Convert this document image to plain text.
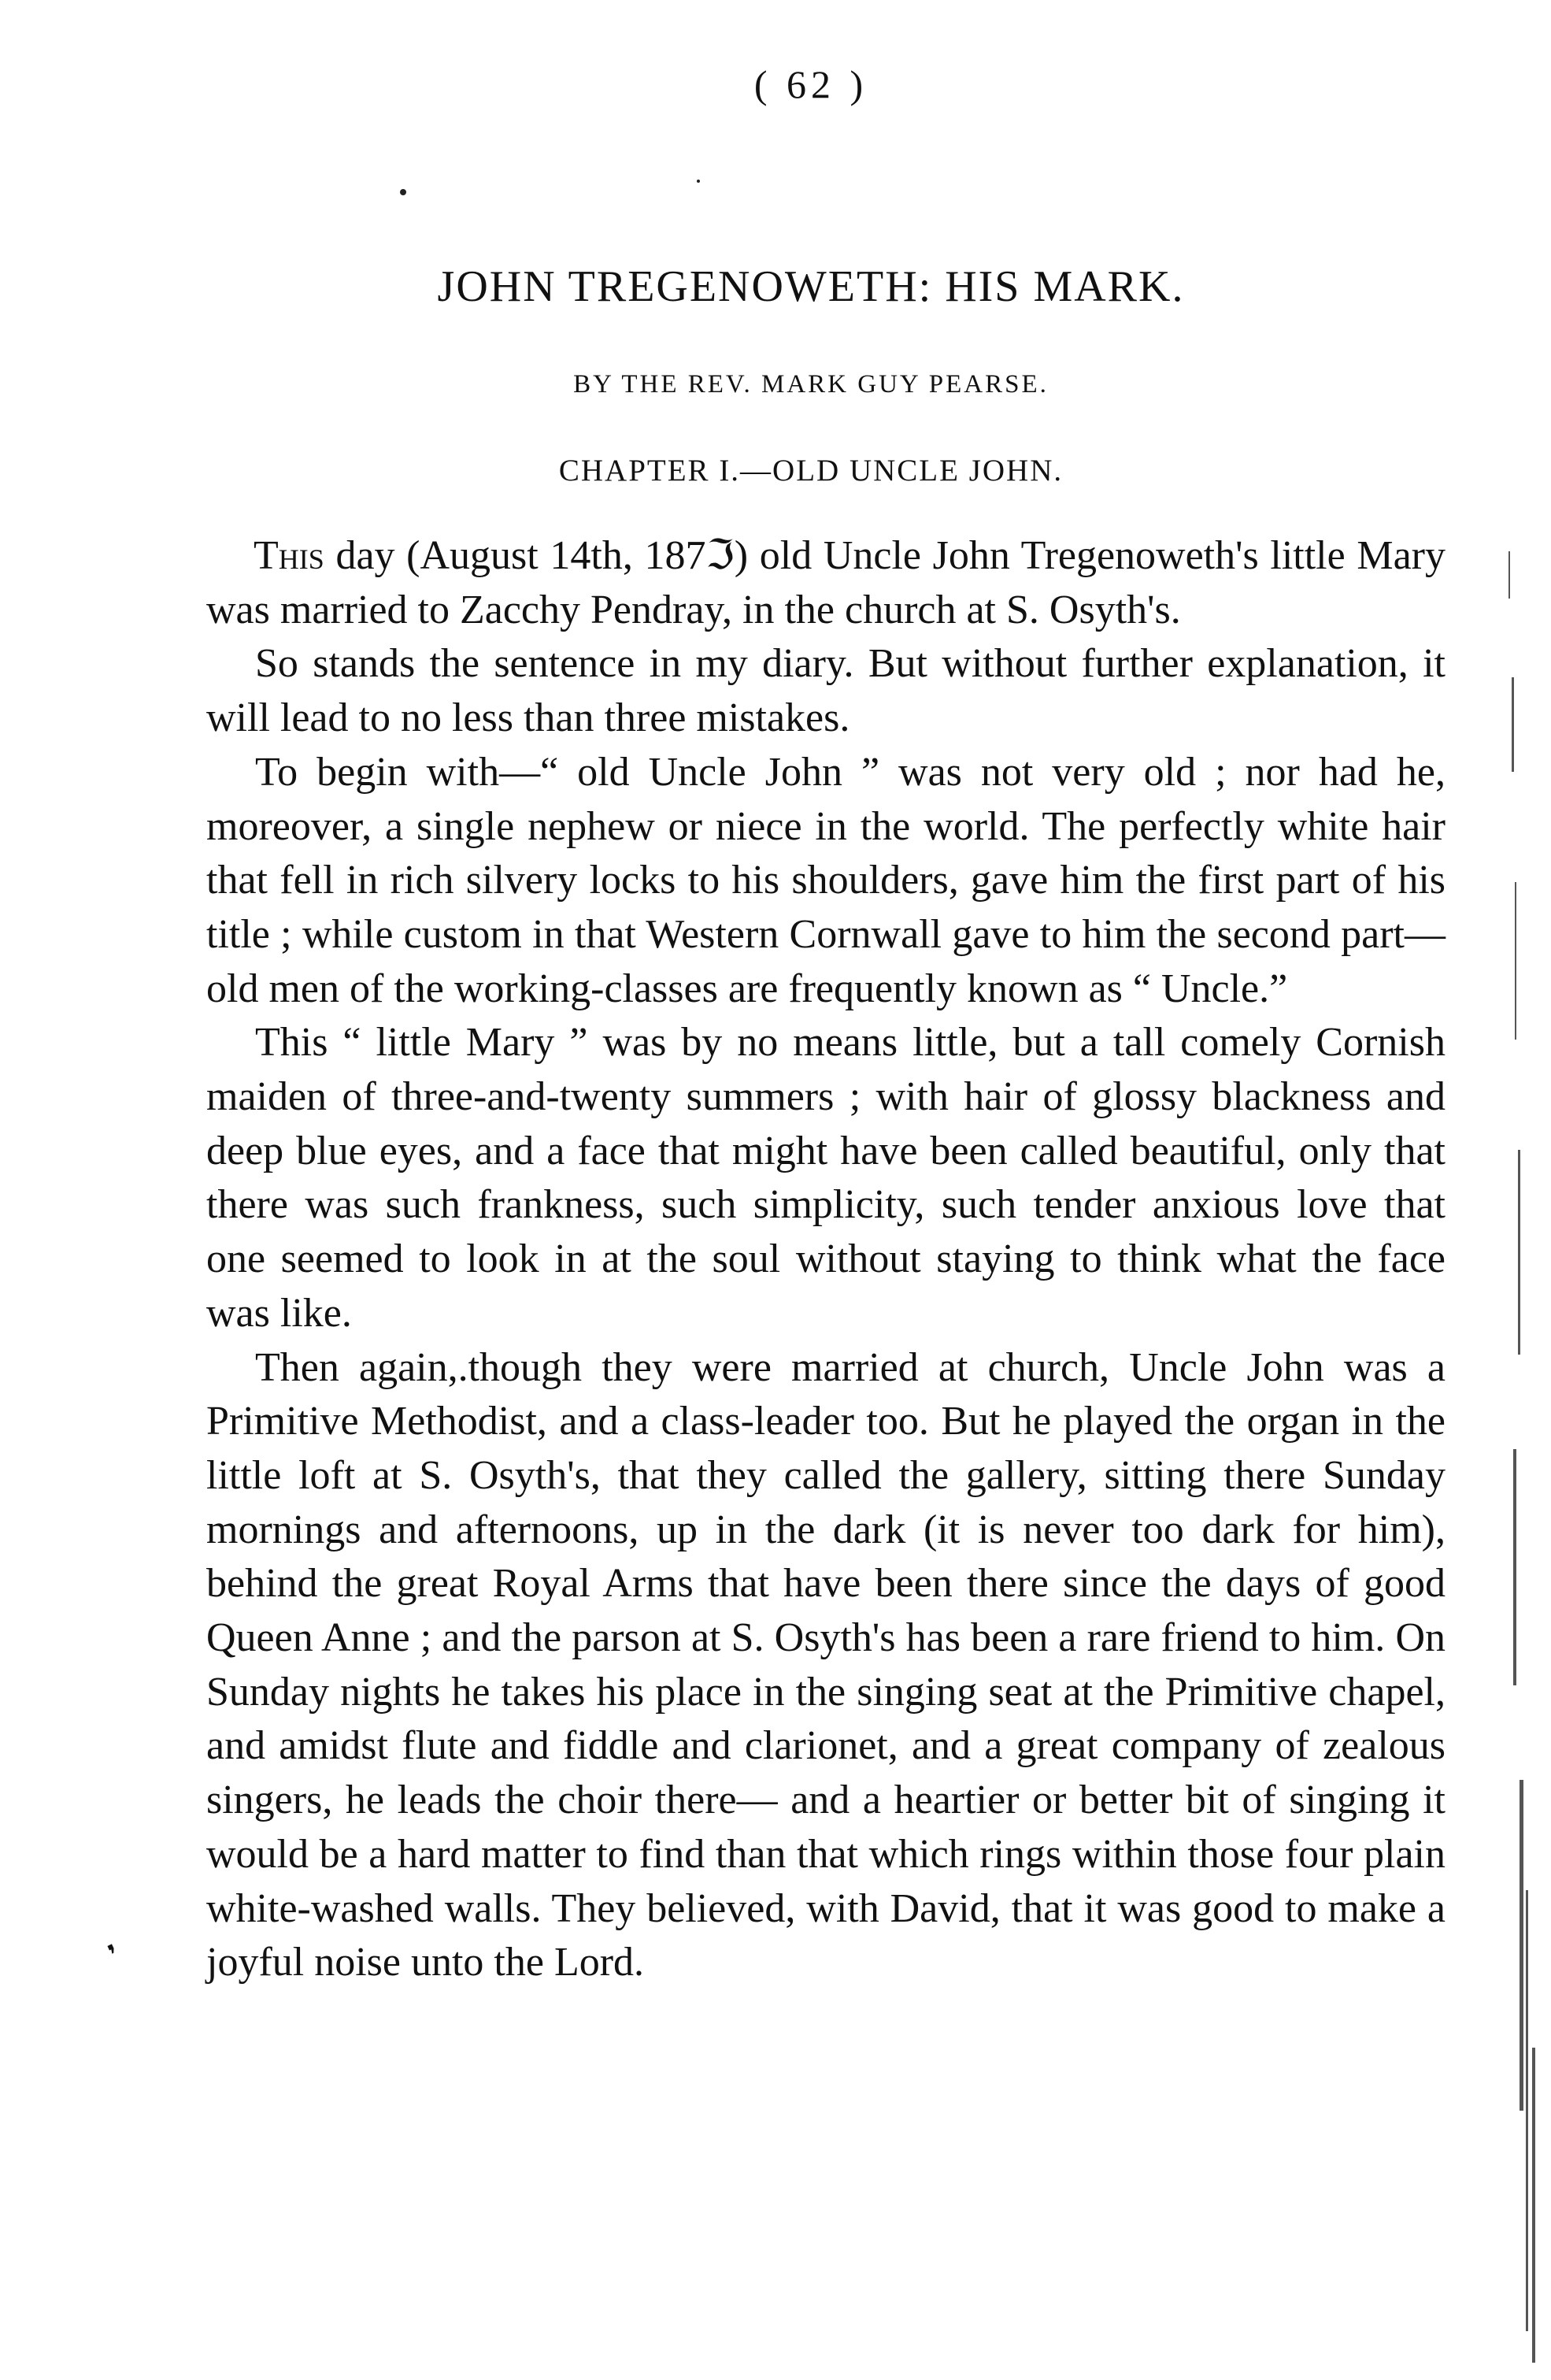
( 62 )
JOHN TREGENOWETH: HIS MARK.
BY THE REV. MARK GUY PEARSE.
CHAPTER I.—OLD UNCLE JOHN.

This day (August 14th, 187ℑ) old Uncle John Tregenoweth's little Mary was married to Zacchy Pendray, in the church at S. Osyth's.

So stands the sentence in my diary. But without further explanation, it will lead to no less than three mistakes.

To begin with—“ old Uncle John ” was not very old ; nor had he, moreover, a single nephew or niece in the world. The perfectly white hair that fell in rich silvery locks to his shoulders, gave him the first part of his title ; while custom in that Western Cornwall gave to him the second part—old men of the working-classes are frequently known as “ Uncle.”

This “ little Mary ” was by no means little, but a tall comely Cornish maiden of three-and-twenty summers ; with hair of glossy blackness and deep blue eyes, and a face that might have been called beautiful, only that there was such frankness, such simplicity, such tender anxious love that one seemed to look in at the soul without staying to think what the face was like.

Then again,.though they were married at church, Uncle John was a Primitive Methodist, and a class-leader too. But he played the organ in the little loft at S. Osyth's, that they called the gallery, sitting there Sunday mornings and afternoons, up in the dark (it is never too dark for him), behind the great Royal Arms that have been there since the days of good Queen Anne ; and the parson at S. Osyth's has been a rare friend to him. On Sunday nights he takes his place in the singing seat at the Primitive chapel, and amidst flute and fiddle and clarionet, and a great company of zealous singers, he leads the choir there— and a heartier or better bit of singing it would be a hard matter to find than that which rings within those four plain white-washed walls. They believed, with David, that it was good to make a joyful noise unto the Lord.

❜
